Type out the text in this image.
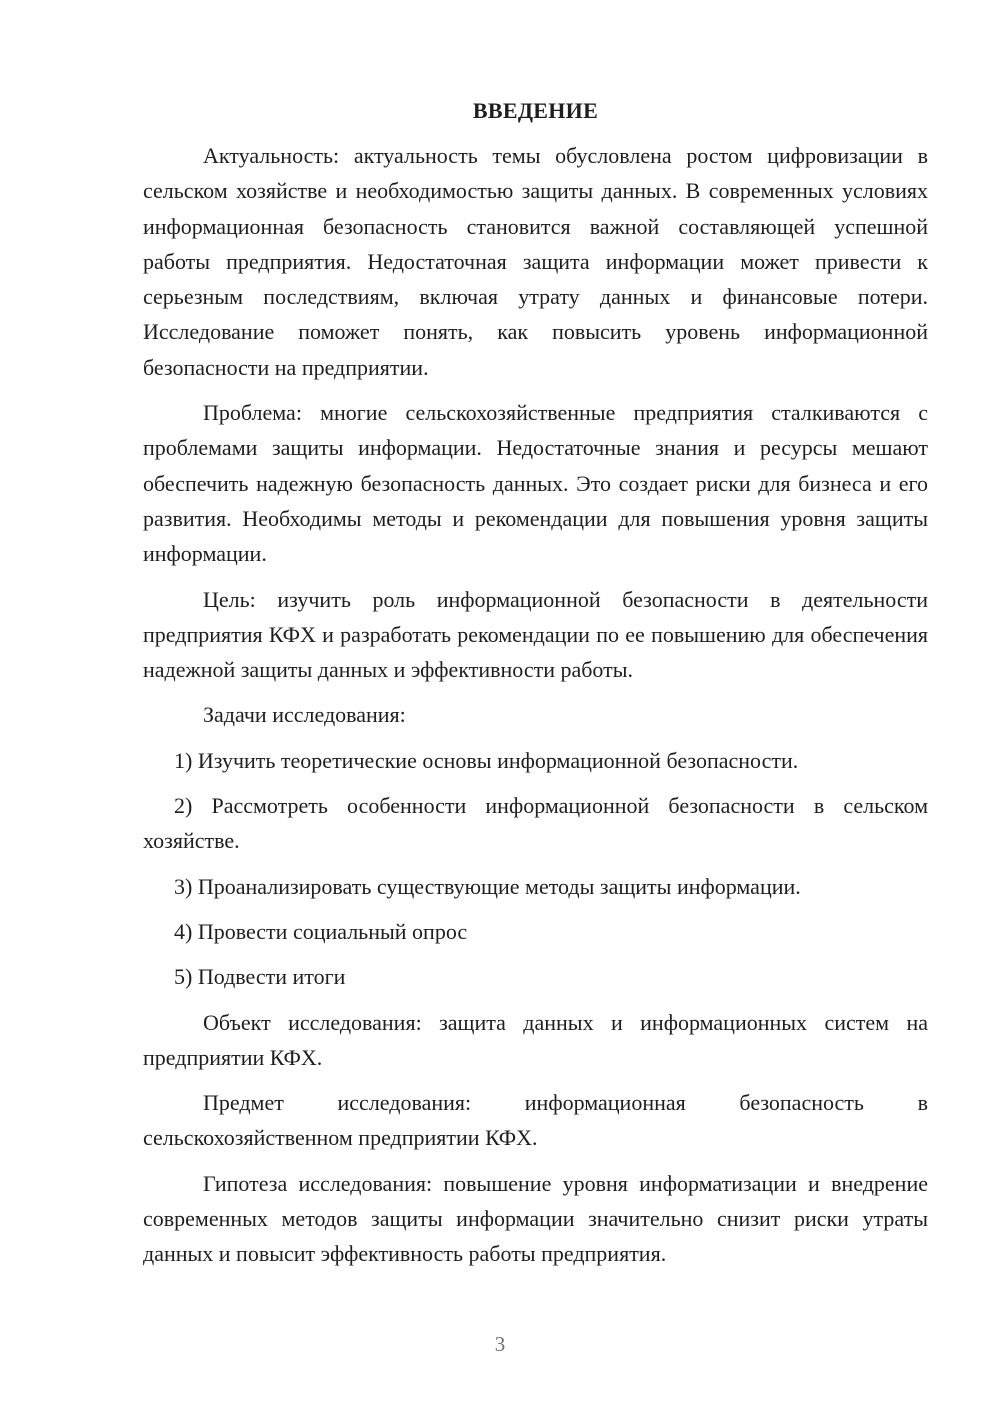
ВВЕДЕНИЕ

Актуальность: актуальность темы обусловлена ростом цифровизации в сельском хозяйстве и необходимостью защиты данных. В современных условиях информационная безопасность становится важной составляющей успешной работы предприятия. Недостаточная защита информации может привести к серьезным последствиям, включая утрату данных и финансовые потери. Исследование поможет понять, как повысить уровень информационной безопасности на предприятии.

Проблема: многие сельскохозяйственные предприятия сталкиваются с проблемами защиты информации. Недостаточные знания и ресурсы мешают обеспечить надежную безопасность данных. Это создает риски для бизнеса и его развития. Необходимы методы и рекомендации для повышения уровня защиты информации.

Цель: изучить роль информационной безопасности в деятельности предприятия КФХ и разработать рекомендации по ее повышению для обеспечения надежной защиты данных и эффективности работы.

Задачи исследования:

1) Изучить теоретические основы информационной безопасности.

2) Рассмотреть особенности информационной безопасности в сельском хозяйстве.

3) Проанализировать существующие методы защиты информации.

4) Провести социальный опрос

5) Подвести итоги

Объект исследования: защита данных и информационных систем на предприятии КФХ.

Предмет исследования: информационная безопасность в сельскохозяйственном предприятии КФХ.

Гипотеза исследования: повышение уровня информатизации и внедрение современных методов защиты информации значительно снизит риски утраты данных и повысит эффективность работы предприятия.

3
